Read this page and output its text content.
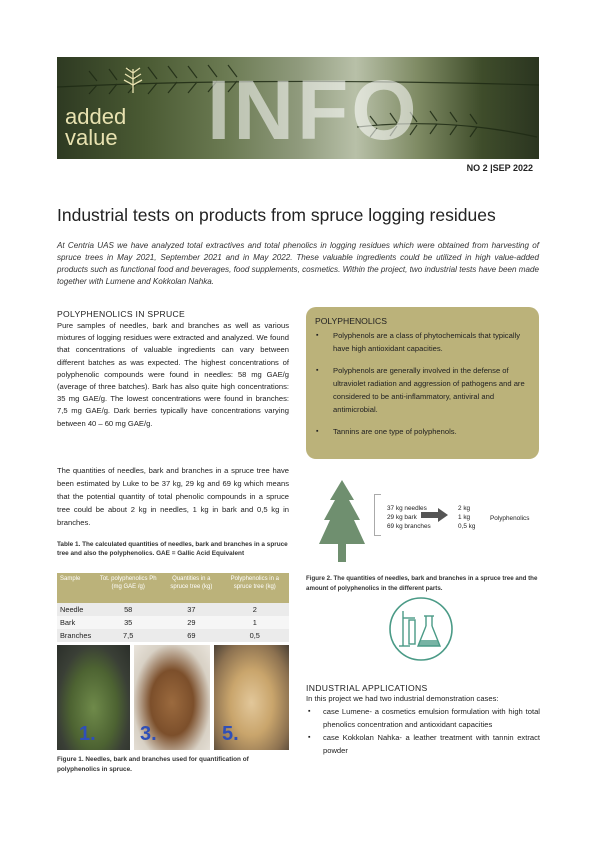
INFO
added
value
NO 2 |SEP 2022
Industrial tests on products from spruce logging residues
At Centria UAS we have analyzed total extractives and total phenolics in logging residues which were obtained from harvesting of spruce trees in May 2021, September 2021 and in May 2022. These valuable ingredients could be utilized in high value-added products such as functional food and beverages, food supplements, cosmetics. Within the project, two industrial tests have been made together with Lumene and Kokkolan Nahka.
POLYPHENOLICS IN SPRUCE
Pure samples of needles, bark and branches as well as various mixtures of logging residues were extracted and analyzed. We found that concentrations of valuable ingredients can vary between different batches as was expected. The highest concentrations of polyphenolic compounds were found in needles: 58 mg GAE/g (average of three batches). Bark has also quite high concentrations: 35 mg GAE/g. The lowest concentrations were found in branches: 7,5 mg GAE/g. Dark berries typically have concentrations varying between 40 – 60 mg GAE/g.
The quantities of needles, bark and branches in a spruce tree have been estimated by Luke to be 37 kg, 29 kg and 69 kg which means that the potential quantity of total phenolic compounds in a spruce tree could be about 2 kg in needles, 1 kg in bark and 0,5 kg in branches.
Table 1. The calculated quantities of needles, bark and branches in a spruce tree and also the polyphenolics. GAE = Gallic Acid Equivalent
Sample	Tot. polyphenolics Ph (mg GAE /g)	Quantities in a spruce tree (kg)	Polyphenolics in a spruce tree (kg)
Needle	58	37	2
Bark	35	29	1
Branches	7,5	69	0,5
1. 3.	5.
Figure 1. Needles, bark and branches used for quantification of polyphenolics in spruce.
POLYPHENOLICS
▪ Polyphenols are a class of phytochemicals that typically have high antioxidant capacities.
▪ Polyphenols are generally involved in the defense of ultraviolet radiation and aggression of pathogens and are considered to be anti-inflammatory, antiviral and antimicrobial.
▪ Tannins are one type of polyphenols.
37 kg needles
29 kg bark
69 kg branches
2 kg
1 kg
0,5 kg
Polyphenolics
Figure 2. The quantities of needles, bark and branches in a spruce tree and the amount of polyphenolics in the different parts.
INDUSTRIAL APPLICATIONS
In this project we had two industrial demonstration cases:
▪ case Lumene- a cosmetics emulsion formulation with high total phenolics concentration and antioxidant capacities
▪ case Kokkolan Nahka- a leather treatment with tannin extract powder
